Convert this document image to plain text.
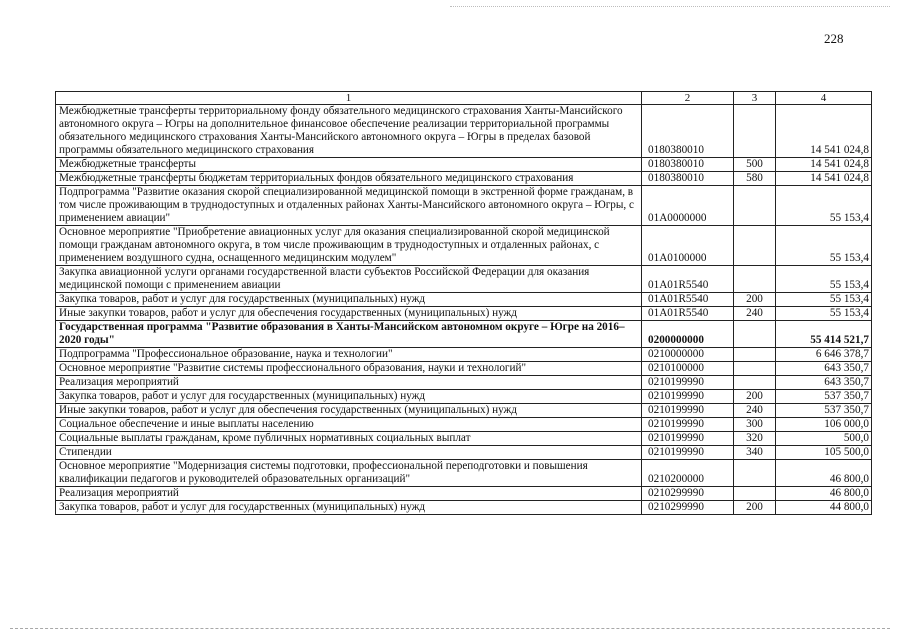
228
1	2	3	4
Межбюджетные трансферты территориальному фонду обязательного медицинского страхования Ханты-Мансийского автономного округа – Югры на дополнительное финансовое обеспечение реализации территориальной программы обязательного медицинского страхования Ханты-Мансийского автономного округа – Югры в пределах базовой программы обязательного медицинского страхования	0180380010		14 541 024,8
Межбюджетные трансферты	0180380010	500	14 541 024,8
Межбюджетные трансферты бюджетам территориальных фондов обязательного медицинского страхования	0180380010	580	14 541 024,8
Подпрограмма "Развитие оказания скорой специализированной медицинской помощи в экстренной форме гражданам, в том числе проживающим в труднодоступных и отдаленных районах Ханты-Мансийского автономного округа – Югры, с применением авиации"	01А0000000		55 153,4
Основное мероприятие "Приобретение авиационных услуг для оказания специализированной скорой медицинской помощи гражданам автономного округа, в том числе проживающим в труднодоступных и отдаленных районах, с применением воздушного судна, оснащенного медицинским модулем"	01А0100000		55 153,4
Закупка авиационной услуги органами государственной власти субъектов Российской Федерации для оказания медицинской помощи с применением авиации	01А01R5540		55 153,4
Закупка товаров, работ и услуг для государственных (муниципальных) нужд	01А01R5540	200	55 153,4
Иные закупки товаров, работ и услуг для обеспечения государственных (муниципальных) нужд	01А01R5540	240	55 153,4
Государственная программа "Развитие образования в Ханты-Мансийском автономном округе – Югре на 2016–2020 годы"	0200000000		55 414 521,7
Подпрограмма "Профессиональное образование, наука и технологии"	0210000000		6 646 378,7
Основное мероприятие "Развитие системы профессионального образования, науки и технологий"	0210100000		643 350,7
Реализация мероприятий	0210199990		643 350,7
Закупка товаров, работ и услуг для государственных (муниципальных) нужд	0210199990	200	537 350,7
Иные закупки товаров, работ и услуг для обеспечения государственных (муниципальных) нужд	0210199990	240	537 350,7
Социальное обеспечение и иные выплаты населению	0210199990	300	106 000,0
Социальные выплаты гражданам, кроме публичных нормативных социальных выплат	0210199990	320	500,0
Стипендии	0210199990	340	105 500,0
Основное мероприятие "Модернизация системы подготовки, профессиональной переподготовки и повышения квалификации педагогов и руководителей образовательных организаций"	0210200000		46 800,0
Реализация мероприятий	0210299990		46 800,0
Закупка товаров, работ и услуг для государственных (муниципальных) нужд	0210299990	200	44 800,0
